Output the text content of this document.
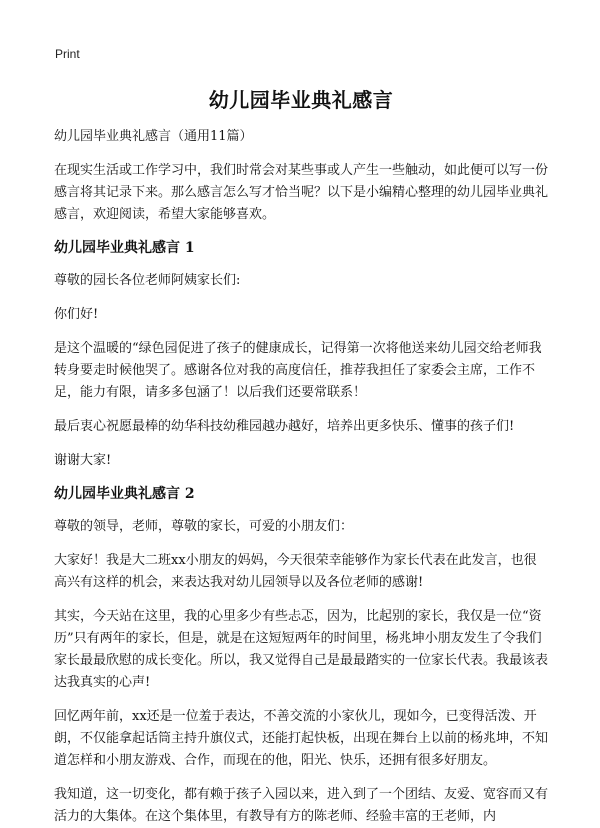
Print
幼儿园毕业典礼感言

幼儿园毕业典礼感言（通用11篇）

在现实生活或工作学习中，我们时常会对某些事或人产生一些触动，如此便可以写一份感言将其记录下来。那么感言怎么写才恰当呢？以下是小编精心整理的幼儿园毕业典礼感言，欢迎阅读，希望大家能够喜欢。

幼儿园毕业典礼感言 1

尊敬的园长各位老师阿姨家长们:

你们好!

是这个温暖的“绿色园促进了孩子的健康成长，记得第一次将他送来幼儿园交给老师我转身要走时候他哭了。感谢各位对我的高度信任，推荐我担任了家委会主席，工作不足，能力有限，请多多包涵了！以后我们还要常联系！

最后衷心祝愿最棒的幼华科技幼稚园越办越好，培养出更多快乐、懂事的孩子们!

谢谢大家!

幼儿园毕业典礼感言 2

尊敬的领导，老师，尊敬的家长，可爱的小朋友们：

大家好！我是大二班xx小朋友的妈妈，今天很荣幸能够作为家长代表在此发言，也很高兴有这样的机会，来表达我对幼儿园领导以及各位老师的感谢!

其实，今天站在这里，我的心里多少有些忐忑，因为，比起别的家长，我仅是一位“资历”只有两年的家长，但是，就是在这短短两年的时间里，杨兆坤小朋友发生了令我们家长最最欣慰的成长变化。所以，我又觉得自己是最最踏实的一位家长代表。我最该表达我真实的心声!

回忆两年前，xx还是一位羞于表达，不善交流的小家伙儿，现如今，已变得活泼、开朗，不仅能拿起话筒主持升旗仪式，还能打起快板，出现在舞台上以前的杨兆坤，不知道怎样和小朋友游戏、合作，而现在的他，阳光、快乐，还拥有很多好朋友。

我知道，这一切变化，都有赖于孩子入园以来，进入到了一个团结、友爱、宽容而又有活力的大集体。在这个集体里，有教导有方的陈老师、经验丰富的王老师，内
